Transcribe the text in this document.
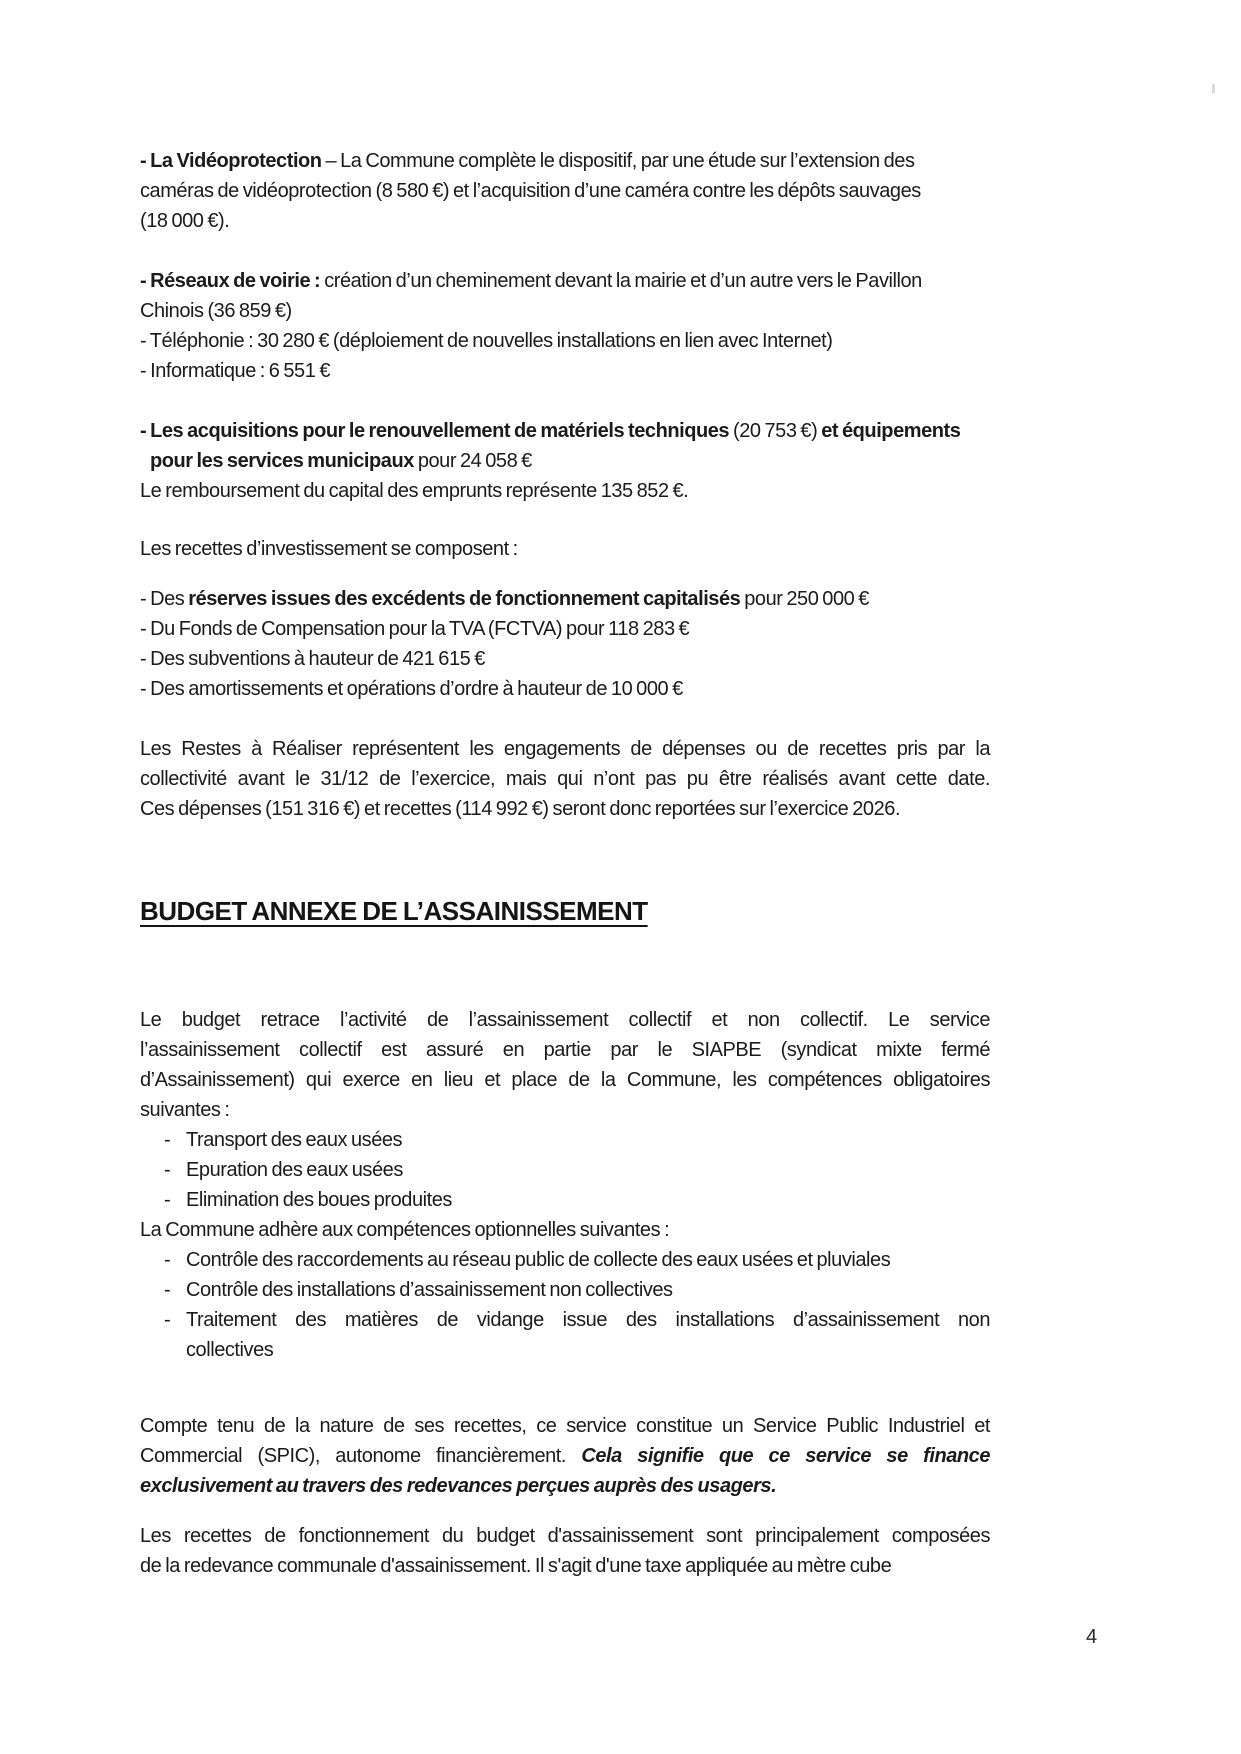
- La Vidéoprotection – La Commune complète le dispositif, par une étude sur l’extension des
caméras de vidéoprotection (8 580 €) et l’acquisition d’une caméra contre les dépôts sauvages
(18 000 €).
- Réseaux de voirie : création d’un cheminement devant la mairie et d’un autre vers le Pavillon
Chinois (36 859 €)
- Téléphonie : 30 280 € (déploiement de nouvelles installations en lien avec Internet)
- Informatique : 6 551 €
- Les acquisitions pour le renouvellement de matériels techniques (20 753 €) et équipements
pour les services municipaux pour 24 058 €
Le remboursement du capital des emprunts représente 135 852 €.
Les recettes d’investissement se composent :
- Des réserves issues des excédents de fonctionnement capitalisés pour 250 000 €
- Du Fonds de Compensation pour la TVA (FCTVA) pour 118 283 €
- Des subventions à hauteur de 421 615 €
- Des amortissements et opérations d’ordre à hauteur de 10 000 €
Les Restes à Réaliser représentent les engagements de dépenses ou de recettes pris par la
collectivité avant le 31/12 de l’exercice, mais qui n’ont pas pu être réalisés avant cette date.
Ces dépenses (151 316 €) et recettes (114 992 €) seront donc reportées sur l’exercice 2026.
BUDGET ANNEXE DE L’ASSAINISSEMENT
Le budget retrace l’activité de l’assainissement collectif et non collectif. Le service
l’assainissement collectif est assuré en partie par le SIAPBE (syndicat mixte fermé
d’Assainissement) qui exerce en lieu et place de la Commune, les compétences obligatoires
suivantes :
- Transport des eaux usées
- Epuration des eaux usées
- Elimination des boues produites
La Commune adhère aux compétences optionnelles suivantes :
- Contrôle des raccordements au réseau public de collecte des eaux usées et pluviales
- Contrôle des installations d’assainissement non collectives
- Traitement des matières de vidange issue des installations d’assainissement non
collectives
Compte tenu de la nature de ses recettes, ce service constitue un Service Public Industriel et
Commercial (SPIC), autonome financièrement. Cela signifie que ce service se finance
exclusivement au travers des redevances perçues auprès des usagers.
Les recettes de fonctionnement du budget d'assainissement sont principalement composées
de la redevance communale d'assainissement. Il s'agit d'une taxe appliquée au mètre cube
4
